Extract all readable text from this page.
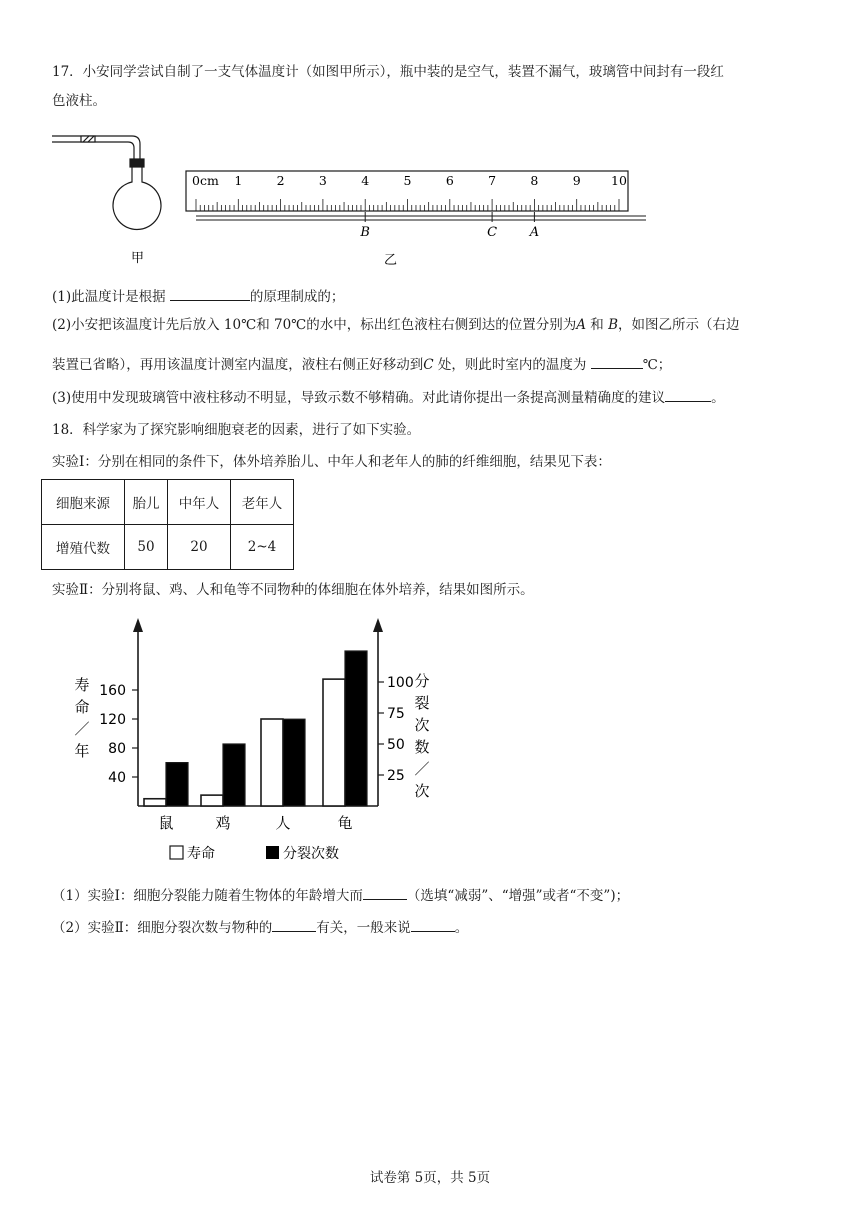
17．小安同学尝试自制了一支气体温度计（如图甲所示），瓶中装的是空气，装置不漏气，玻璃管中间封有一段红
色液柱。
甲
1	2	3	4	5	6	7	8	9 10
B	C	A
0cm
乙
(1)此温度计是根据	的原理制成的；
(2)小安把该温度计先后放入 10℃和 70℃的水中，标出红色液柱右侧到达的位置分别为A 和 B，如图乙所示（右边
装置已省略），再用该温度计测室内温度，液柱右侧正好移动到C 处，则此时室内的温度为	℃；
(3)使用中发现玻璃管中液柱移动不明显，导致示数不够精确。对此请你提出一条提高测量精确度的建议	。
18．科学家为了探究影响细胞衰老的因素，进行了如下实验。
实验Ⅰ：分别在相同的条件下，体外培养胎儿、中年人和老年人的肺的纤维细胞，结果见下表：
细胞来源	胎儿	中年人	老年人
增殖代数	50	20	2~4
实验Ⅱ：分别将鼠、鸡、人和龟等不同物种的体细胞在体外培养，结果如图所示。
40
80
120
160
25
50
75
100
寿
命
／
年
分
裂
次
数
／
次
鼠	鸡	人	龟
寿命	分裂次数
（1）实验Ⅰ：细胞分裂能力随着生物体的年龄增大而	（选填“减弱”、“增强”或者“不变”)；
（2）实验Ⅱ：细胞分裂次数与物种的	有关，一般来说	。
试卷第 5页，共 5页
